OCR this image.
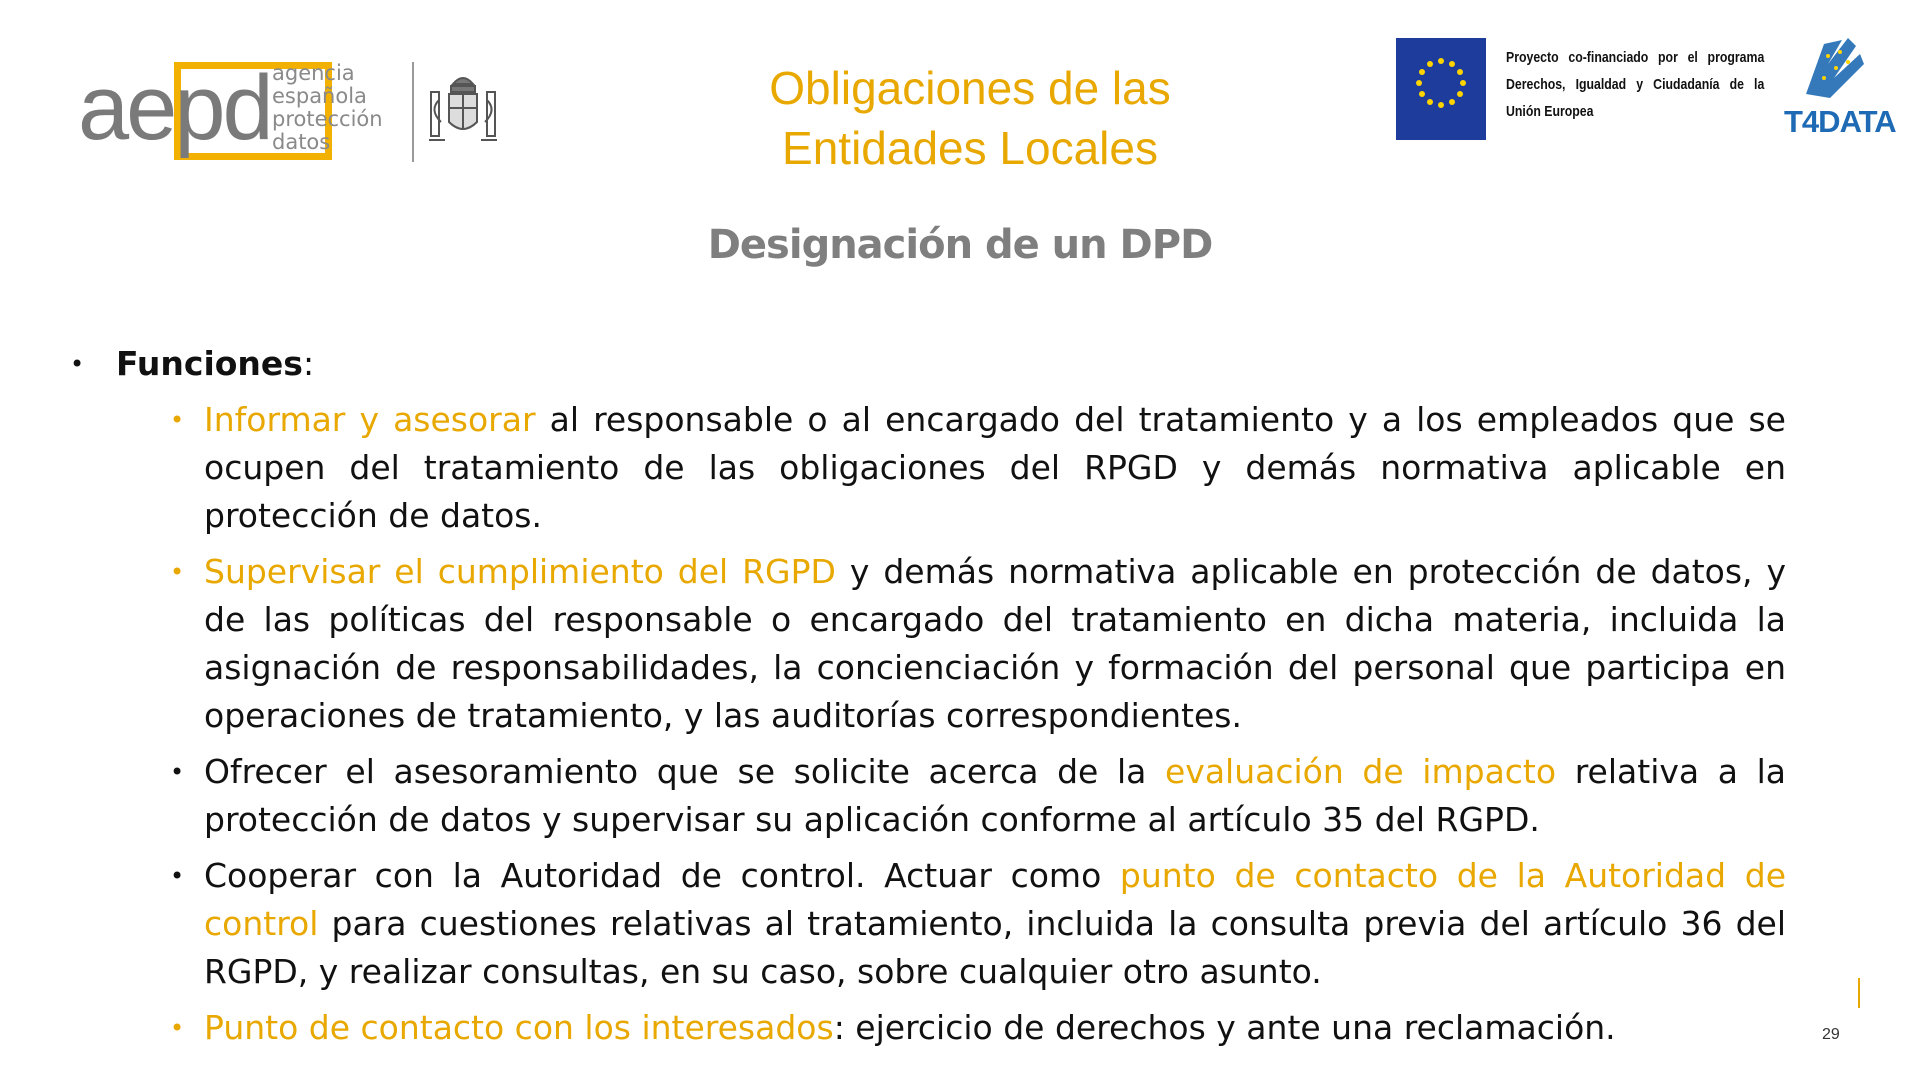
aepd agencia
española
protección
datos
Obligaciones de las
Entidades Locales
Proyecto co-financiado por el programa Derechos, Igualdad y Ciudadanía de la Unión Europea	T4DATA
Designación de un DPD
• Funciones:
• Informar y asesorar al responsable o al encargado del tratamiento y a los empleados que se ocupen del tratamiento de las obligaciones del RPGD y demás normativa aplicable en protección de datos.
• Supervisar el cumplimiento del RGPD y demás normativa aplicable en protección de datos, y de las políticas del responsable o encargado del tratamiento en dicha materia, incluida la asignación de responsabilidades, la concienciación y formación del personal que participa en operaciones de tratamiento, y las auditorías correspondientes.
• Ofrecer el asesoramiento que se solicite acerca de la evaluación de impacto relativa a la protección de datos y supervisar su aplicación conforme al artículo 35 del RGPD.
• Cooperar con la Autoridad de control. Actuar como punto de contacto de la Autoridad de control para cuestiones relativas al tratamiento, incluida la consulta previa del artículo 36 del RGPD, y realizar consultas, en su caso, sobre cualquier otro asunto.
• Punto de contacto con los interesados: ejercicio de derechos y ante una reclamación.	29
